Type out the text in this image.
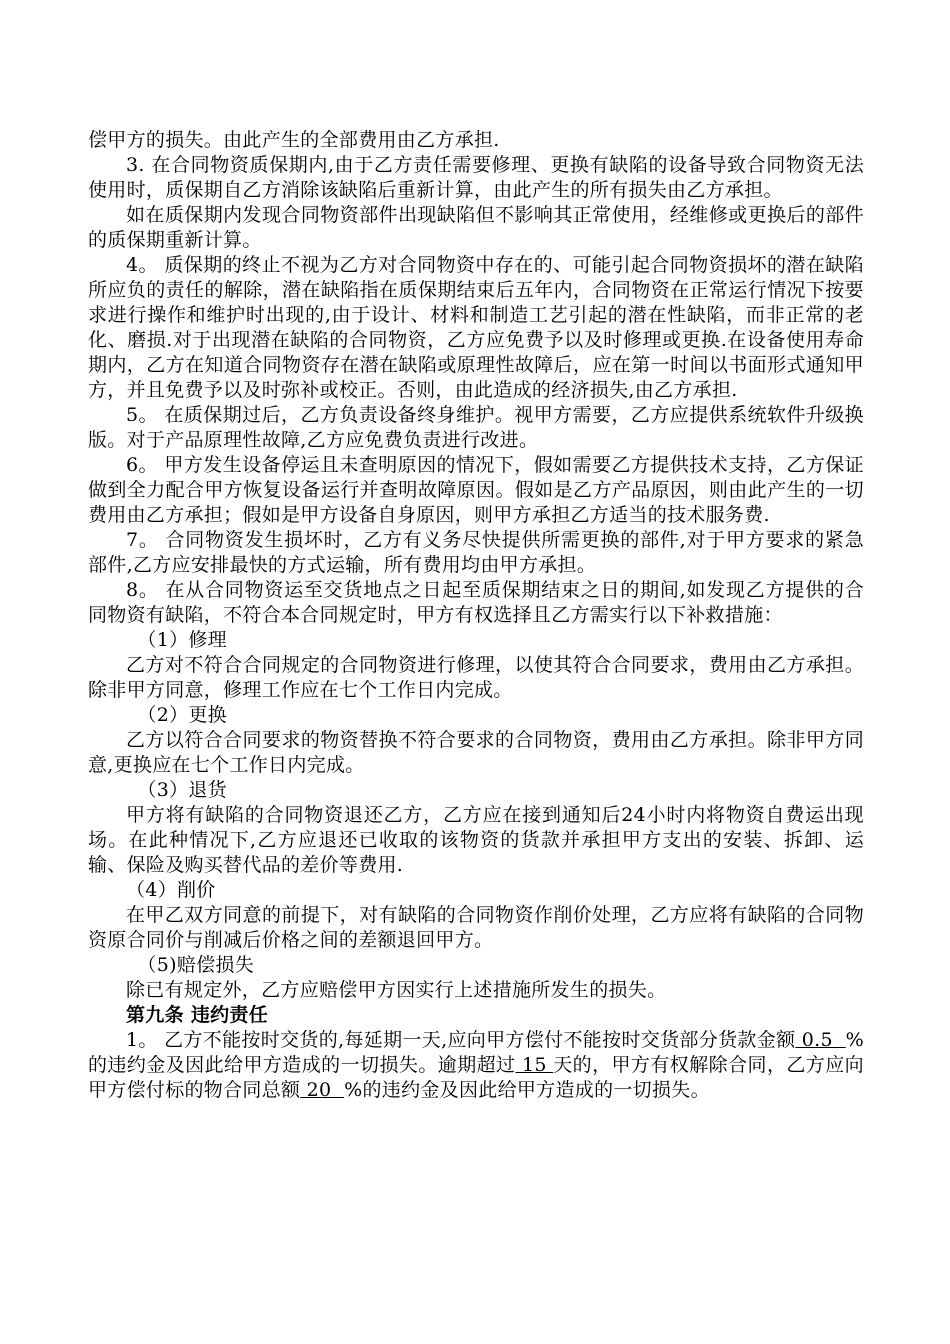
偿甲方的损失。由此产生的全部费用由乙方承担.

3. 在合同物资质保期内,由于乙方责任需要修理、更换有缺陷的设备导致合同物资无法使用时，质保期自乙方消除该缺陷后重新计算，由此产生的所有损失由乙方承担。

如在质保期内发现合同物资部件出现缺陷但不影响其正常使用，经维修或更换后的部件的质保期重新计算。

4。 质保期的终止不视为乙方对合同物资中存在的、可能引起合同物资损坏的潜在缺陷所应负的责任的解除，潜在缺陷指在质保期结束后五年内，合同物资在正常运行情况下按要求进行操作和维护时出现的,由于设计、材料和制造工艺引起的潜在性缺陷，而非正常的老化、磨损.对于出现潜在缺陷的合同物资，乙方应免费予以及时修理或更换.在设备使用寿命期内，乙方在知道合同物资存在潜在缺陷或原理性故障后，应在第一时间以书面形式通知甲方，并且免费予以及时弥补或校正。否则，由此造成的经济损失,由乙方承担.

5。 在质保期过后，乙方负责设备终身维护。视甲方需要，乙方应提供系统软件升级换版。对于产品原理性故障,乙方应免费负责进行改进。

6。 甲方发生设备停运且未查明原因的情况下，假如需要乙方提供技术支持，乙方保证做到全力配合甲方恢复设备运行并查明故障原因。假如是乙方产品原因，则由此产生的一切费用由乙方承担；假如是甲方设备自身原因，则甲方承担乙方适当的技术服务费.

7。 合同物资发生损坏时，乙方有义务尽快提供所需更换的部件,对于甲方要求的紧急部件,乙方应安排最快的方式运输，所有费用均由甲方承担。

8。 在从合同物资运至交货地点之日起至质保期结束之日的期间,如发现乙方提供的合同物资有缺陷，不符合本合同规定时，甲方有权选择且乙方需实行以下补救措施：

（1）修理

乙方对不符合合同规定的合同物资进行修理，以使其符合合同要求，费用由乙方承担。除非甲方同意，修理工作应在七个工作日内完成。

（2）更换

乙方以符合合同要求的物资替换不符合要求的合同物资，费用由乙方承担。除非甲方同意,更换应在七个工作日内完成。

（3）退货

甲方将有缺陷的合同物资退还乙方，乙方应在接到通知后24小时内将物资自费运出现场。在此种情况下,乙方应退还已收取的该物资的货款并承担甲方支出的安装、拆卸、运输、保险及购买替代品的差价等费用.

（4）削价

在甲乙双方同意的前提下，对有缺陷的合同物资作削价处理，乙方应将有缺陷的合同物资原合同价与削减后价格之间的差额退回甲方。

（5)赔偿损失

除已有规定外，乙方应赔偿甲方因实行上述措施所发生的损失。

第九条 违约责任

1。 乙方不能按时交货的,每延期一天,应向甲方偿付不能按时交货部分货款金额 0.5  %的违约金及因此给甲方造成的一切损失。逾期超过 15 天的，甲方有权解除合同，乙方应向甲方偿付标的物合同总额 20  %的违约金及因此给甲方造成的一切损失。
